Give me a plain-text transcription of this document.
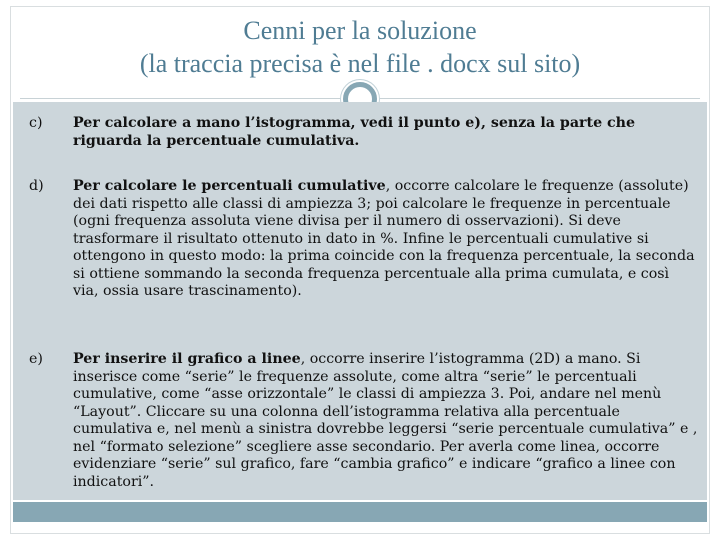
Cenni per la soluzione
(la traccia precisa è nel file . docx sul sito)
c)	Per calcolare a mano l’istogramma, vedi il punto e), senza la parte che riguarda la percentuale cumulativa.
d)	Per calcolare le percentuali cumulative, occorre calcolare le frequenze (assolute) dei dati rispetto alle classi di ampiezza 3; poi calcolare le frequenze in percentuale (ogni frequenza assoluta viene divisa per il numero di osservazioni). Si deve trasformare il risultato ottenuto in dato in %. Infine le percentuali cumulative si ottengono in questo modo: la prima coincide con la frequenza percentuale, la seconda si ottiene sommando la seconda frequenza percentuale alla prima cumulata, e così via, ossia usare trascinamento).
e)	Per inserire il grafico a linee, occorre inserire l’istogramma (2D) a mano. Si inserisce come “serie” le frequenze assolute, come altra “serie” le percentuali cumulative, come “asse orizzontale” le classi di ampiezza 3. Poi, andare nel menù “Layout”. Cliccare su una colonna dell’istogramma relativa alla percentuale cumulativa e, nel menù a sinistra dovrebbe leggersi “serie percentuale cumulativa” e , nel “formato selezione” scegliere asse secondario. Per averla come linea, occorre evidenziare “serie” sul grafico, fare “cambia grafico” e indicare “grafico a linee con indicatori”.
